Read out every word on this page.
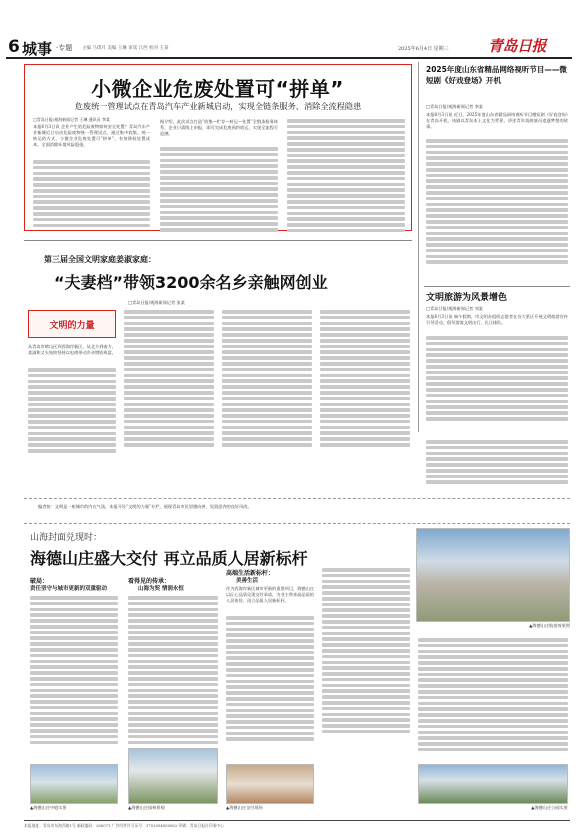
6 城事 ·专题 主编 马琪月 美编 王琳 审读 江西 校对 王某	2025年6月4日 星期三	青岛日报
小微企业危废处置可“拼单”
危废统一管理试点在青岛汽车产业新城启动，实现全链条服务、消除全流程隐患
□青岛日报/观海新闻记者 王琳 通讯员 李某
本报6月3日讯 企业产生的危险废物如何安全处置？青岛汽车产业新城近日启动危险废物统一管理试点，通过集中收集、统一转运的方式，小微企业危废处置可“拼单”，有效降低处置成本，全面消除环境风险隐患。
据介绍，此次试点打造“收集—贮存—转运—处置”全链条服务体系，企业只需线上申报，即可完成危废预约收运，实现全流程可追溯。
2025年度山东省精品网络视听节目——微短剧《好戏登场》开机
□青岛日报/观海新闻记者 李某
本报6月3日讯 近日，2025年度山东省精品网络视听节目微短剧《好戏登场》在青岛开机，该剧以青岛本土文化为背景，讲述青年戏曲演员追逐梦想的故事。
文明旅游为风景增色
□青岛日报/观海新闻记者 刘某
本报6月3日讯 端午假期，市文明办组织志愿者在各大景区开展文明旅游宣传引导活动，倡导游客文明出行、礼让排队。
第三届全国文明家庭姜淑家庭：
“夫妻档”带领3200余名乡亲触网创业
□青岛日报/观海新闻记者 张某
文明的力量
从青岛市崂山区到西海岸新区，从北方到南方，姜淑和丈夫始终坚持以电商带动乡亲增收致富。
编者按：文明是一座城市的内在气质，本报开设“文明的力量”专栏，展现青岛市民崇德向善、见贤思齐的良好风尚。
山海封面兑现时：
海德山庄盛大交付 再立品质人居新标杆
▲海德山庄航拍效果图
破局：
责任坚守与城市更新的双重驱动
看得见的传承：
山海为契 情润永恒
高端生活新标杆：
美善生活
作为西海岸新区城市更新的重要项目，海德山庄以匠心品质兑现交付承诺，为业主带来高品质的人居体验，再立品质人居新标杆。
▲海德山庄中庭实景	▲海德山庄园林景观	▲海德山庄交付现场	▲海德山庄公园实景
本报地址：青岛市东海西路1号 邮政编码：266071 广告经营许可证号：3702004000062 印刷：青岛日报社印务中心
